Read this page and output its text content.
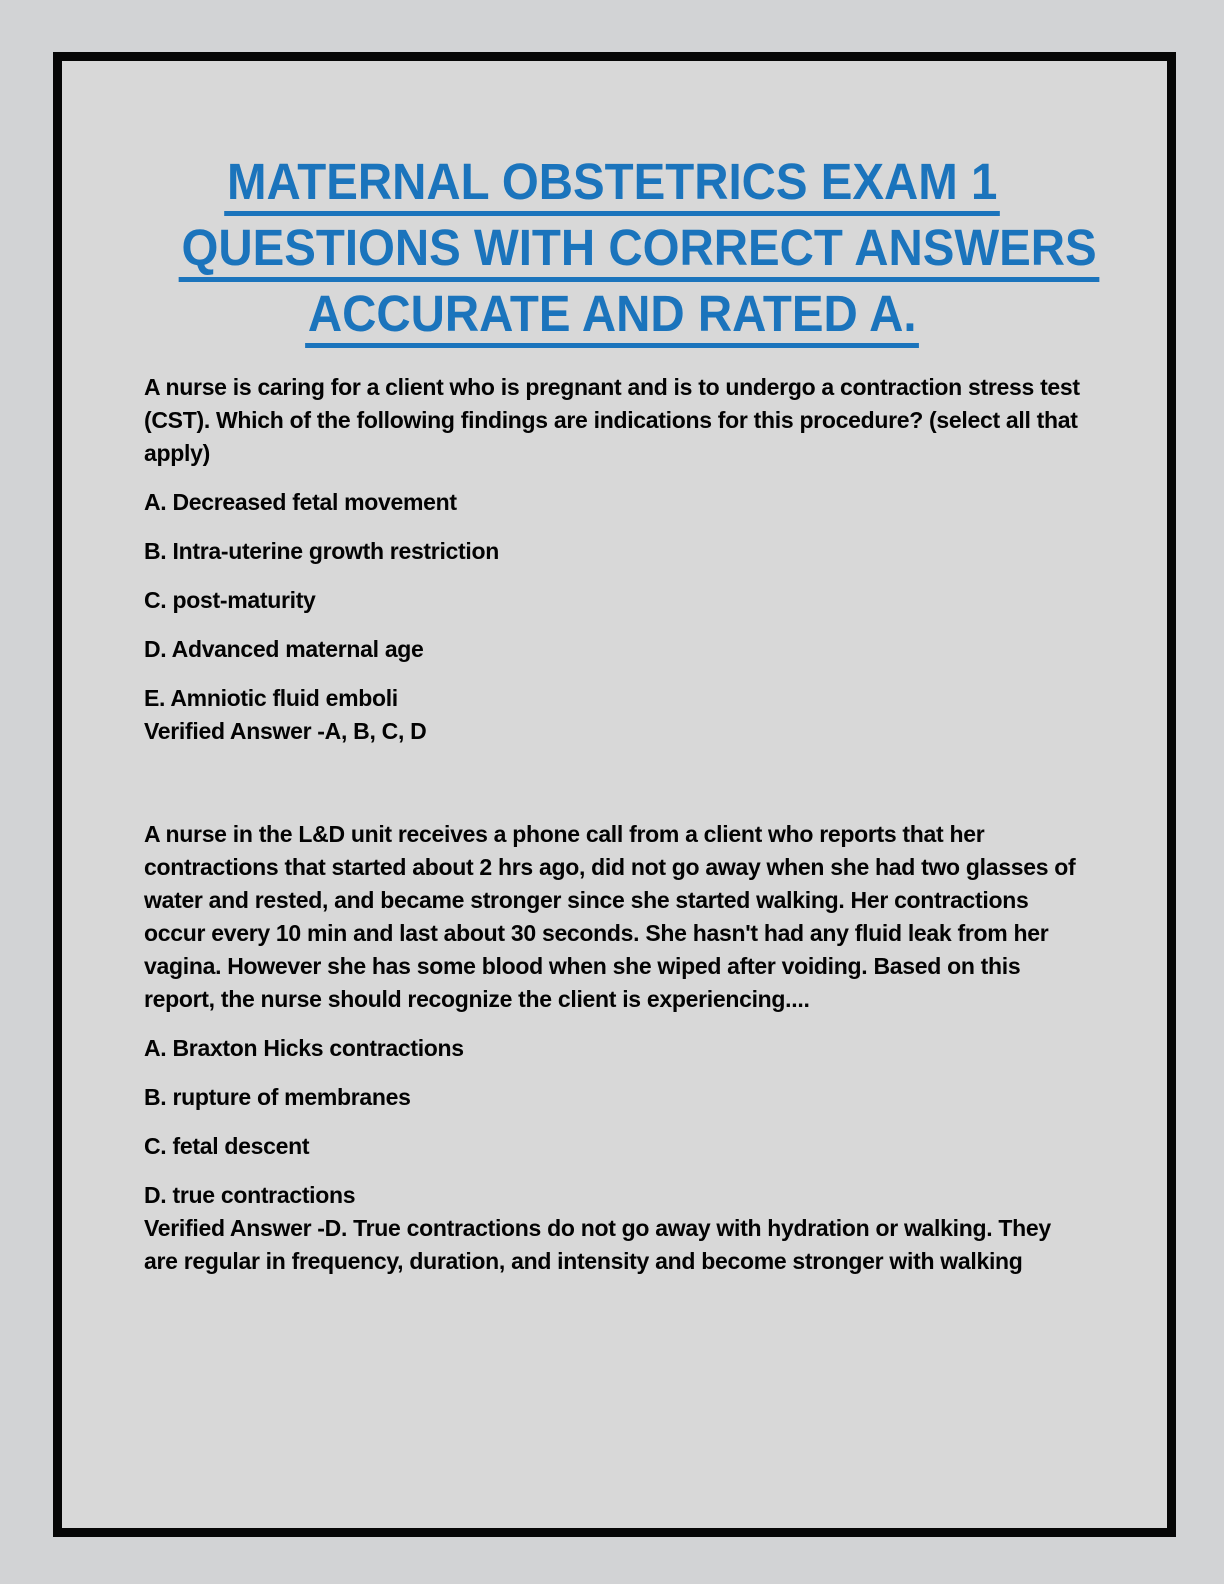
MATERNAL OBSTETRICS EXAM 1
QUESTIONS WITH CORRECT ANSWERS
ACCURATE AND RATED A.

A nurse is caring for a client who is pregnant and is to undergo a contraction stress test (CST). Which of the following findings are indications for this procedure? (select all that apply)

A. Decreased fetal movement

B. Intra-uterine growth restriction

C. post-maturity

D. Advanced maternal age

E. Amniotic fluid emboli

Verified Answer -A, B, C, D

A nurse in the L&D unit receives a phone call from a client who reports that her contractions that started about 2 hrs ago, did not go away when she had two glasses of water and rested, and became stronger since she started walking. Her contractions occur every 10 min and last about 30 seconds. She hasn't had any fluid leak from her vagina. However she has some blood when she wiped after voiding. Based on this report, the nurse should recognize the client is experiencing....

A. Braxton Hicks contractions

B. rupture of membranes

C. fetal descent

D. true contractions

Verified Answer -D. True contractions do not go away with hydration or walking. They are regular in frequency, duration, and intensity and become stronger with walking
